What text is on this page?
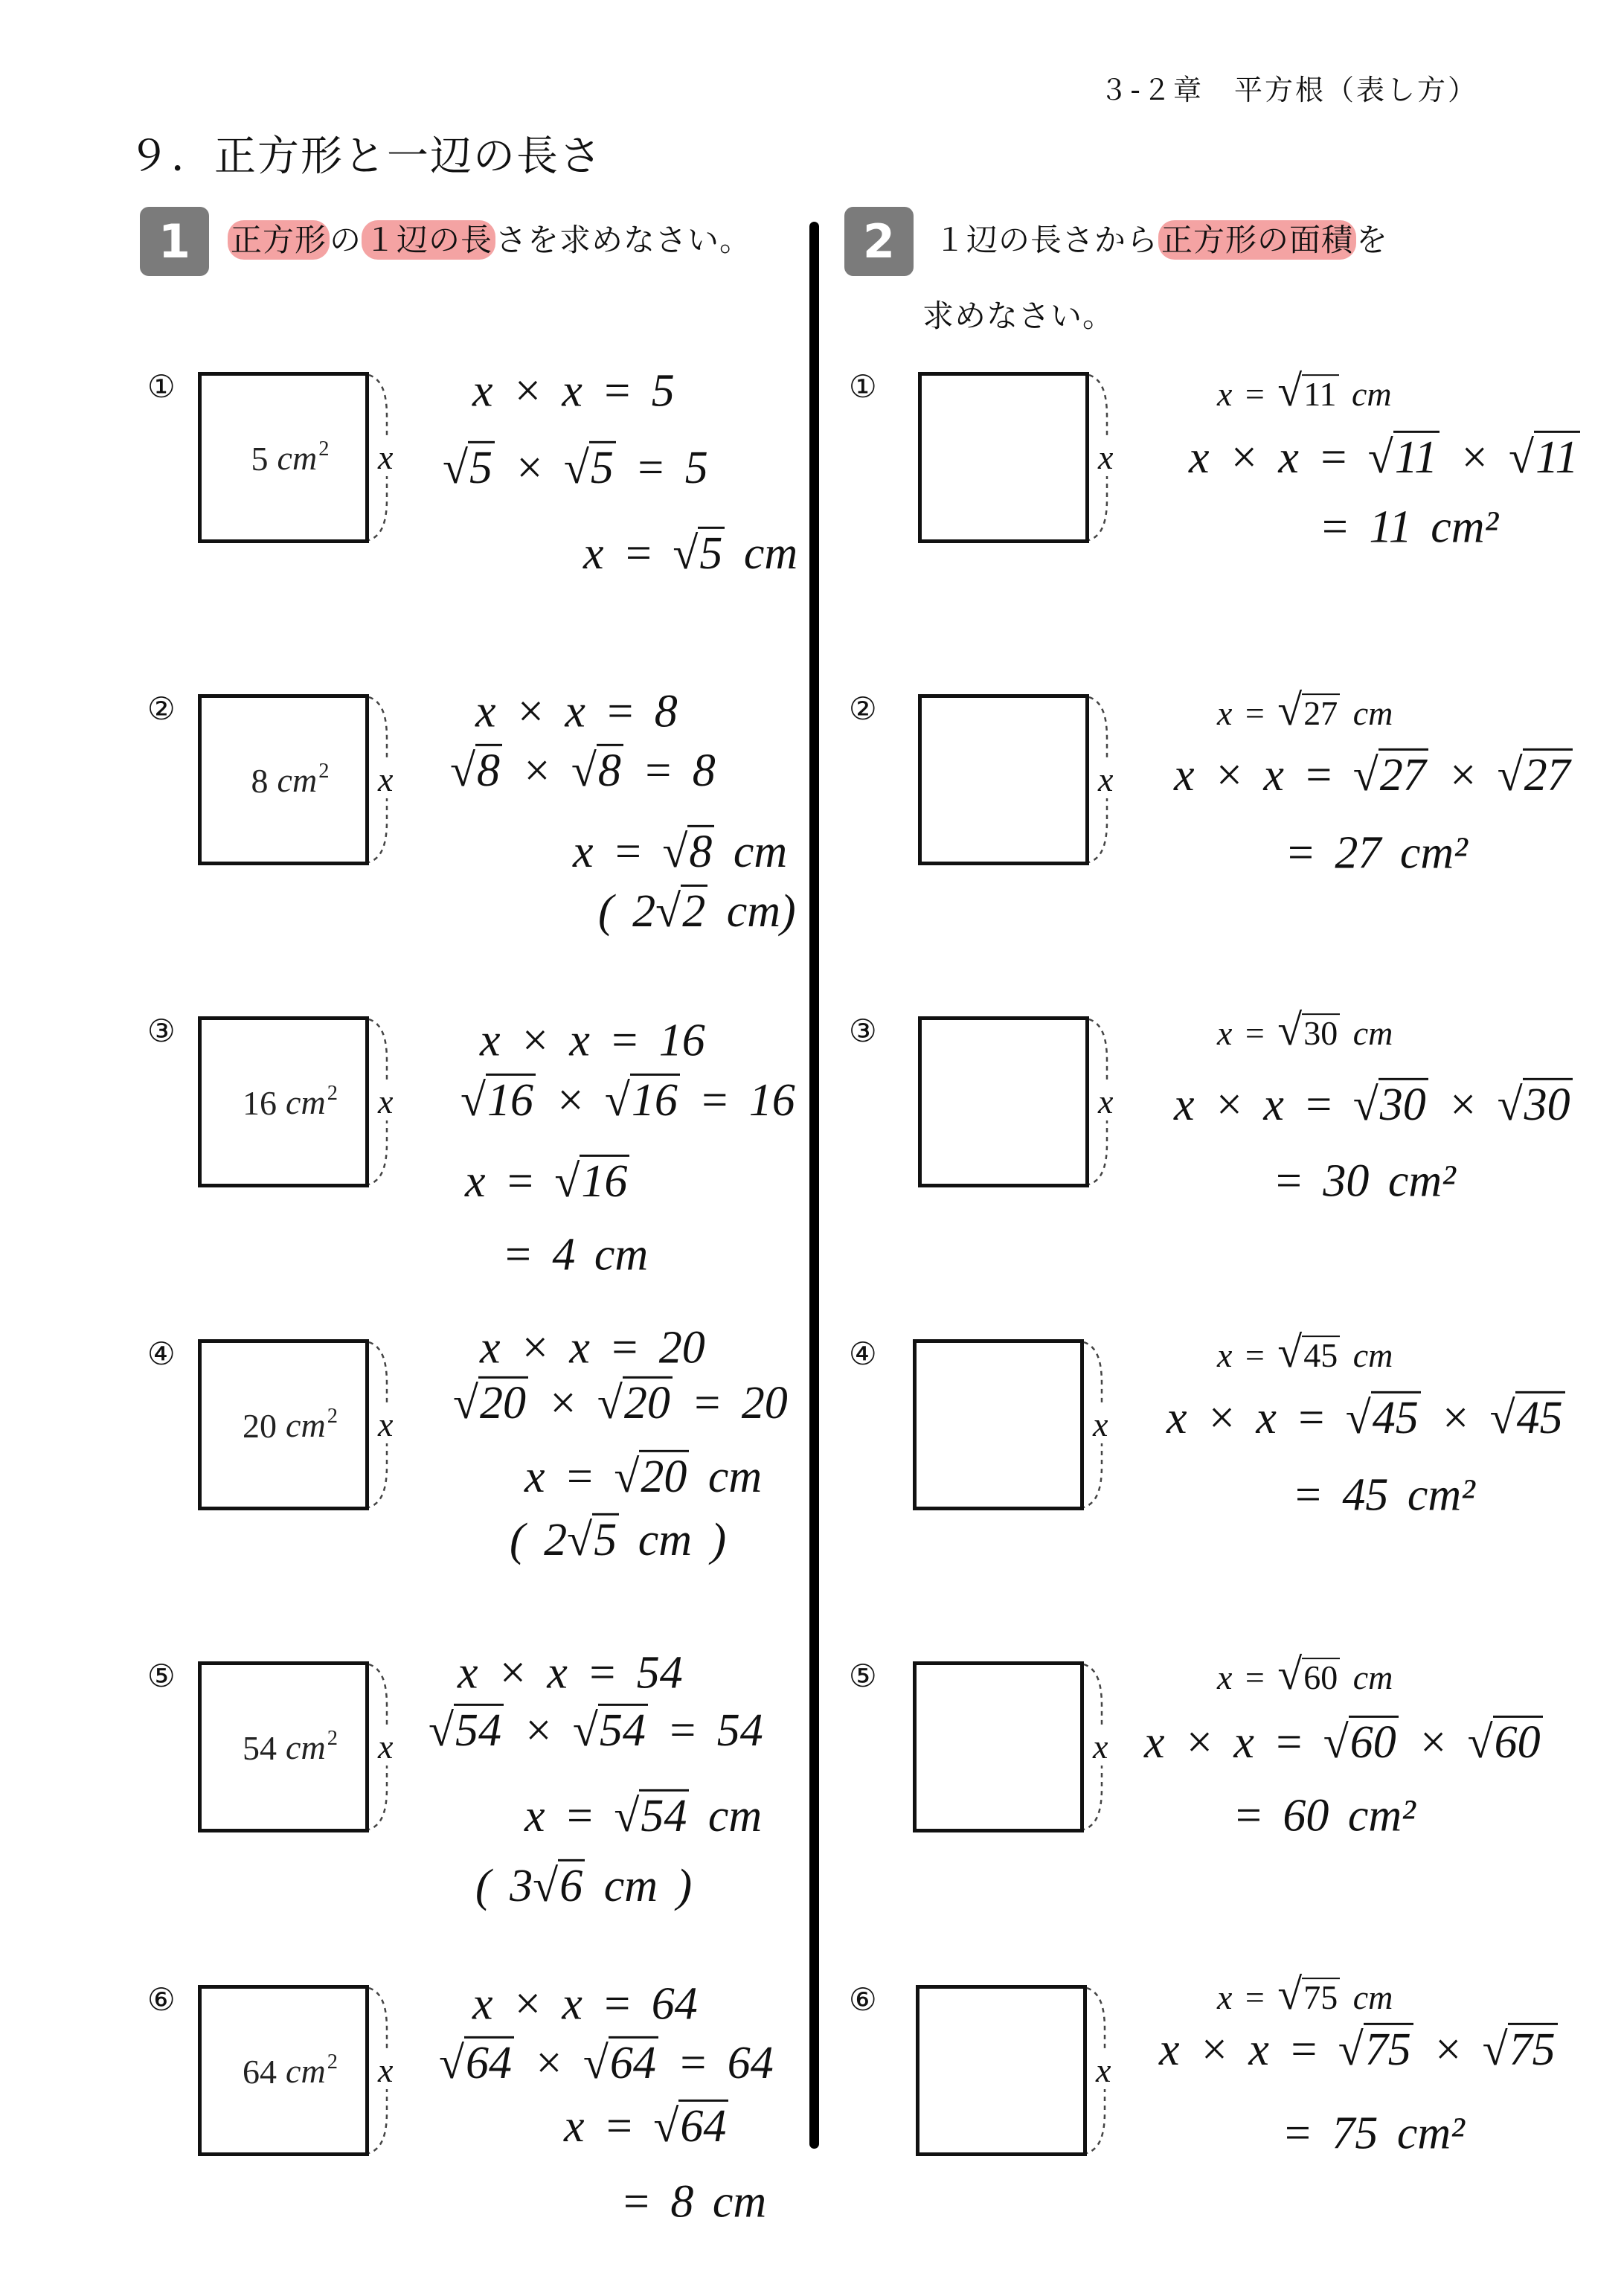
３-２章　平方根（表し方）
９．正方形と一辺の長さ
1	正方形の１辺の長さを求めなさい。	2	１辺の長さから正方形の面積を
求めなさい。
①
5 $cm^2$ x
x × x = 5
√5 × √5 = 5
x = √5 cm
②
8 $cm^2$ x
x × x = 8
√8 × √8 = 8
x = √8 cm
( 2√2 cm)
③
16 $cm^2$ x
x × x = 16
√16 × √16 = 16
x = √16
= 4 cm
④
20 $cm^2$ x
x × x = 20
√20 × √20 = 20
x = √20 cm
( 2√5 cm )
⑤
54 $cm^2$ x
x × x = 54
√54 × √54 = 54
x = √54 cm
( 3√6 cm )
⑥
64 $cm^2$ x
x × x = 64
√64 × √64 = 64
x = √64
= 8 cm
①
x
x = √11 cm
x × x = √11 × √11
= 11 cm²
②
x
x = √27 cm
x × x = √27 × √27
= 27 cm²
③
x
x = √30 cm
x × x = √30 × √30
= 30 cm²
④
x
x = √45 cm
x × x = √45 × √45
= 45 cm²
⑤
x
x = √60 cm
x × x = √60 × √60
= 60 cm²
⑥
x
x = √75 cm
x × x = √75 × √75
= 75 cm²
